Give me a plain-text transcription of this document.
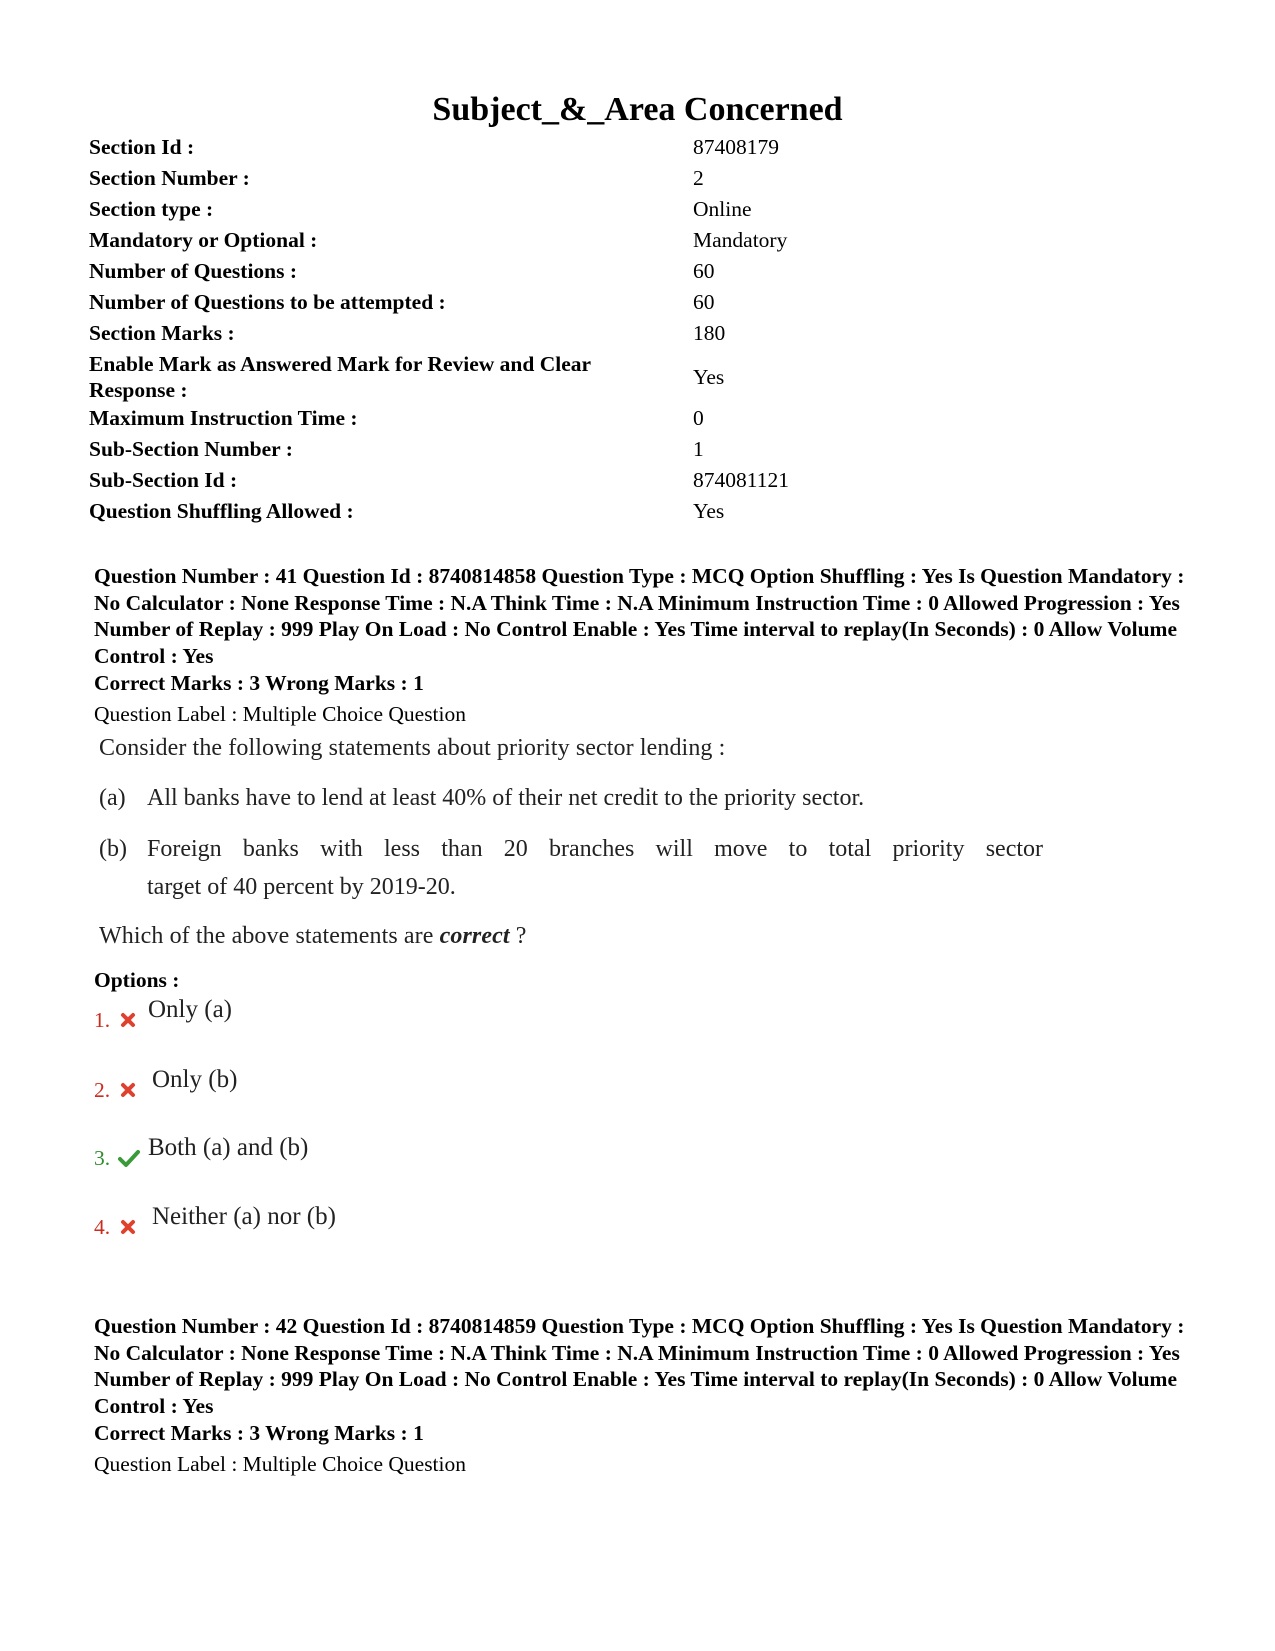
Subject_&_Area Concerned
Section Id :	87408179
Section Number :	2
Section type :	Online
Mandatory or Optional :	Mandatory
Number of Questions :	60
Number of Questions to be attempted :	60
Section Marks :	180
Enable Mark as Answered Mark for Review and Clear Response :
Yes
Maximum Instruction Time :	0
Sub-Section Number :	1
Sub-Section Id :	874081121
Question Shuffling Allowed :	Yes
Question Number : 41 Question Id : 8740814858 Question Type : MCQ Option Shuffling : Yes Is Question Mandatory : No Calculator : None Response Time : N.A Think Time : N.A Minimum Instruction Time : 0 Allowed Progression : Yes Number of Replay : 999 Play On Load : No Control Enable : Yes Time interval to replay(In Seconds) : 0 Allow Volume Control : Yes
Correct Marks : 3 Wrong Marks : 1
Question Label : Multiple Choice Question
Consider the following statements about priority sector lending :
(a) All banks have to lend at least 40% of their net credit to the priority sector.
(b) Foreign banks with less than 20 branches will move to total priority sector
target of 40 percent by 2019-20.
Which of the above statements are correct ?
Options :
1. Only (a)
2. Only (b)
3. Both (a) and (b)
4. Neither (a) nor (b)
Question Number : 42 Question Id : 8740814859 Question Type : MCQ Option Shuffling : Yes Is Question Mandatory : No Calculator : None Response Time : N.A Think Time : N.A Minimum Instruction Time : 0 Allowed Progression : Yes Number of Replay : 999 Play On Load : No Control Enable : Yes Time interval to replay(In Seconds) : 0 Allow Volume Control : Yes
Correct Marks : 3 Wrong Marks : 1
Question Label : Multiple Choice Question
